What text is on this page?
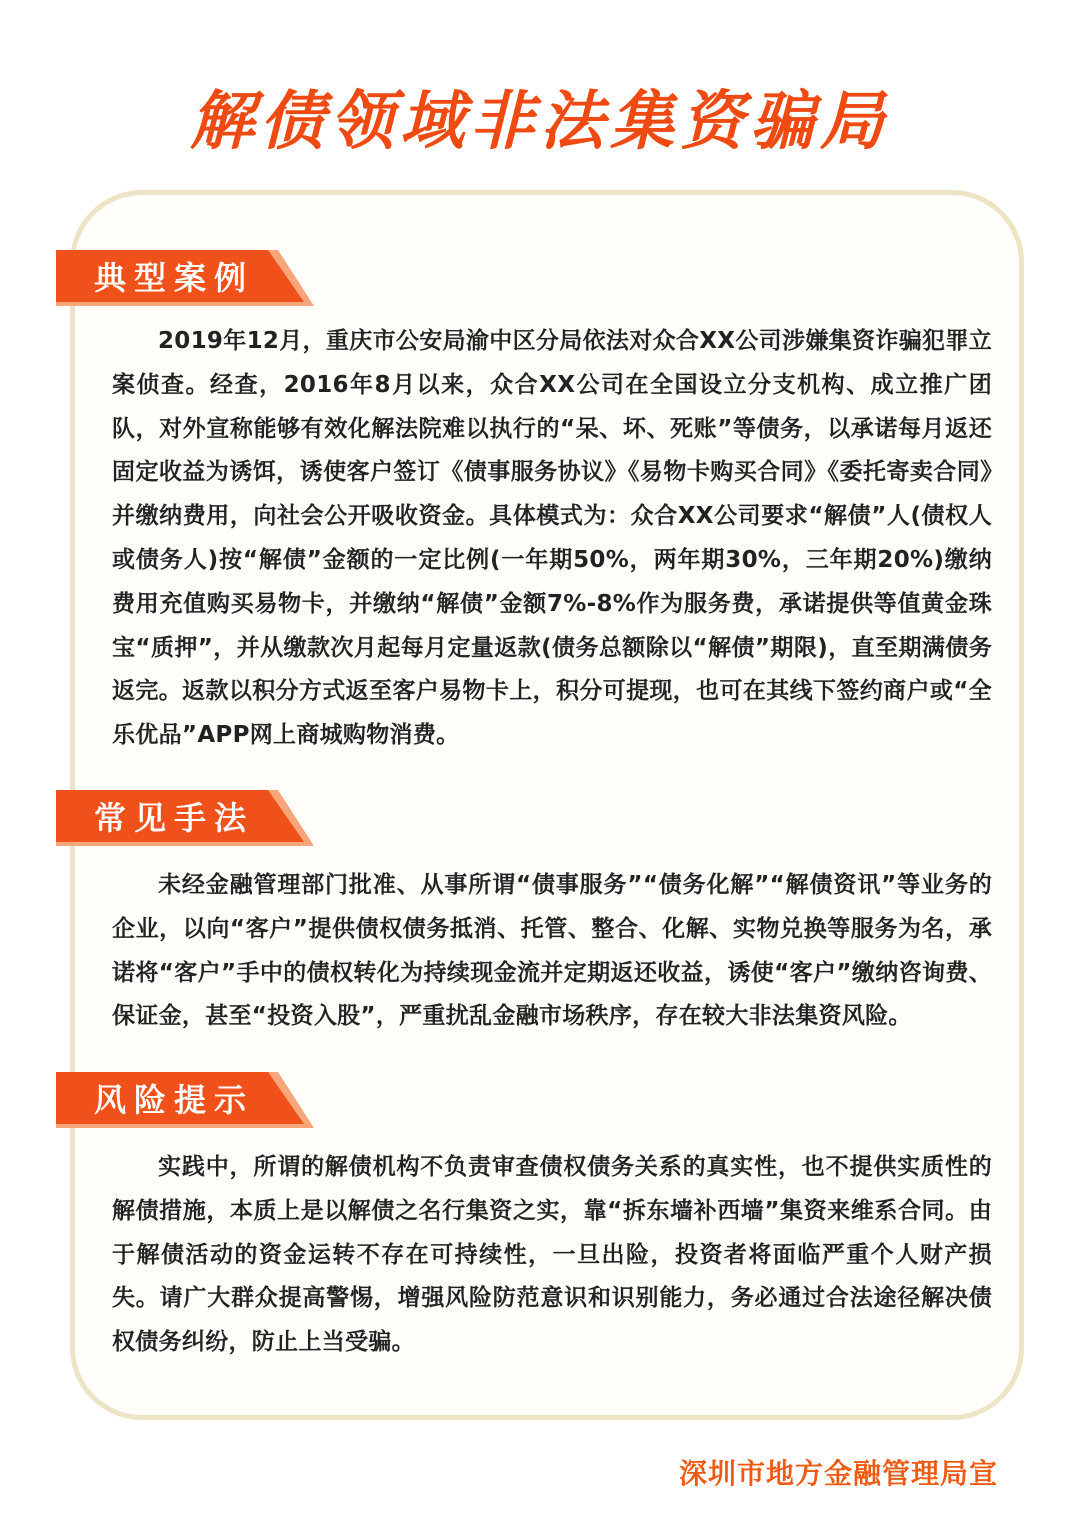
解债领域非法集资骗局
典型案例

2019年12月，重庆市公安局渝中区分局依法对众合XX公司涉嫌集资诈骗犯罪立案侦查。经查，2016年8月以来，众合XX公司在全国设立分支机构、成立推广团队，对外宣称能够有效化解法院难以执行的“呆、坏、死账”等债务，以承诺每月返还固定收益为诱饵，诱使客户签订《债事服务协议》《易物卡购买合同》《委托寄卖合同》并缴纳费用，向社会公开吸收资金。具体模式为：众合XX公司要求“解债”人(债权人或债务人)按“解债”金额的一定比例(一年期50%，两年期30%，三年期20%)缴纳费用充值购买易物卡，并缴纳“解债”金额7%-8%作为服务费，承诺提供等值黄金珠宝“质押”，并从缴款次月起每月定量返款(债务总额除以“解债”期限)，直至期满债务返完。返款以积分方式返至客户易物卡上，积分可提现，也可在其线下签约商户或“全乐优品”APP网上商城购物消费。

常见手法

未经金融管理部门批准、从事所谓“债事服务”“债务化解”“解债资讯”等业务的企业，以向“客户”提供债权债务抵消、托管、整合、化解、实物兑换等服务为名，承诺将“客户”手中的债权转化为持续现金流并定期返还收益，诱使“客户”缴纳咨询费、保证金，甚至“投资入股”，严重扰乱金融市场秩序，存在较大非法集资风险。

风险提示

实践中，所谓的解债机构不负责审查债权债务关系的真实性，也不提供实质性的解债措施，本质上是以解债之名行集资之实，靠“拆东墙补西墙”集资来维系合同。由于解债活动的资金运转不存在可持续性，一旦出险，投资者将面临严重个人财产损失。请广大群众提高警惕，增强风险防范意识和识别能力，务必通过合法途径解决债权债务纠纷，防止上当受骗。

深圳市地方金融管理局宣
